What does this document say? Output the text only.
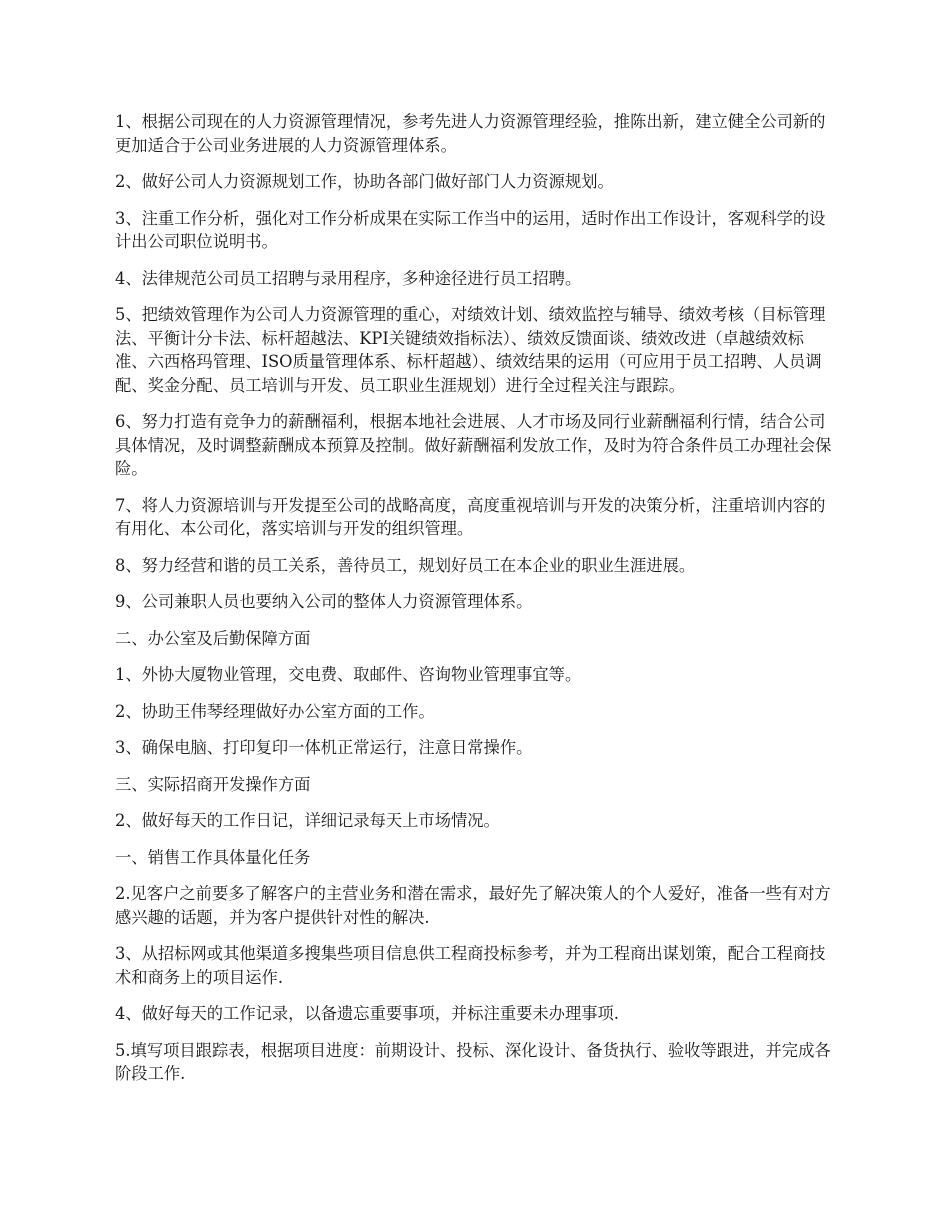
1、根据公司现在的人力资源管理情况，参考先进人力资源管理经验，推陈出新，建立健全公司新的更加适合于公司业务进展的人力资源管理体系。

2、做好公司人力资源规划工作，协助各部门做好部门人力资源规划。

3、注重工作分析，强化对工作分析成果在实际工作当中的运用，适时作出工作设计，客观科学的设计出公司职位说明书。

4、法律规范公司员工招聘与录用程序，多种途径进行员工招聘。

5、把绩效管理作为公司人力资源管理的重心，对绩效计划、绩效监控与辅导、绩效考核（目标管理法、平衡计分卡法、标杆超越法、KPI关键绩效指标法）、绩效反馈面谈、绩效改进（卓越绩效标准、六西格玛管理、ISO质量管理体系、标杆超越）、绩效结果的运用（可应用于员工招聘、人员调配、奖金分配、员工培训与开发、员工职业生涯规划）进行全过程关注与跟踪。

6、努力打造有竞争力的薪酬福利，根据本地社会进展、人才市场及同行业薪酬福利行情，结合公司具体情况，及时调整薪酬成本预算及控制。做好薪酬福利发放工作，及时为符合条件员工办理社会保险。

7、将人力资源培训与开发提至公司的战略高度，高度重视培训与开发的决策分析，注重培训内容的有用化、本公司化，落实培训与开发的组织管理。

8、努力经营和谐的员工关系，善待员工，规划好员工在本企业的职业生涯进展。

9、公司兼职人员也要纳入公司的整体人力资源管理体系。

二、办公室及后勤保障方面

1、外协大厦物业管理，交电费、取邮件、咨询物业管理事宜等。

2、协助王伟琴经理做好办公室方面的工作。

3、确保电脑、打印复印一体机正常运行，注意日常操作。

三、实际招商开发操作方面

2、做好每天的工作日记，详细记录每天上市场情况。

一、销售工作具体量化任务

2.见客户之前要多了解客户的主营业务和潜在需求，最好先了解决策人的个人爱好，准备一些有对方感兴趣的话题，并为客户提供针对性的解决.

3、从招标网或其他渠道多搜集些项目信息供工程商投标参考，并为工程商出谋划策，配合工程商技术和商务上的项目运作.

4、做好每天的工作记录，以备遗忘重要事项，并标注重要未办理事项.

5.填写项目跟踪表，根据项目进度：前期设计、投标、深化设计、备货执行、验收等跟进，并完成各阶段工作.
